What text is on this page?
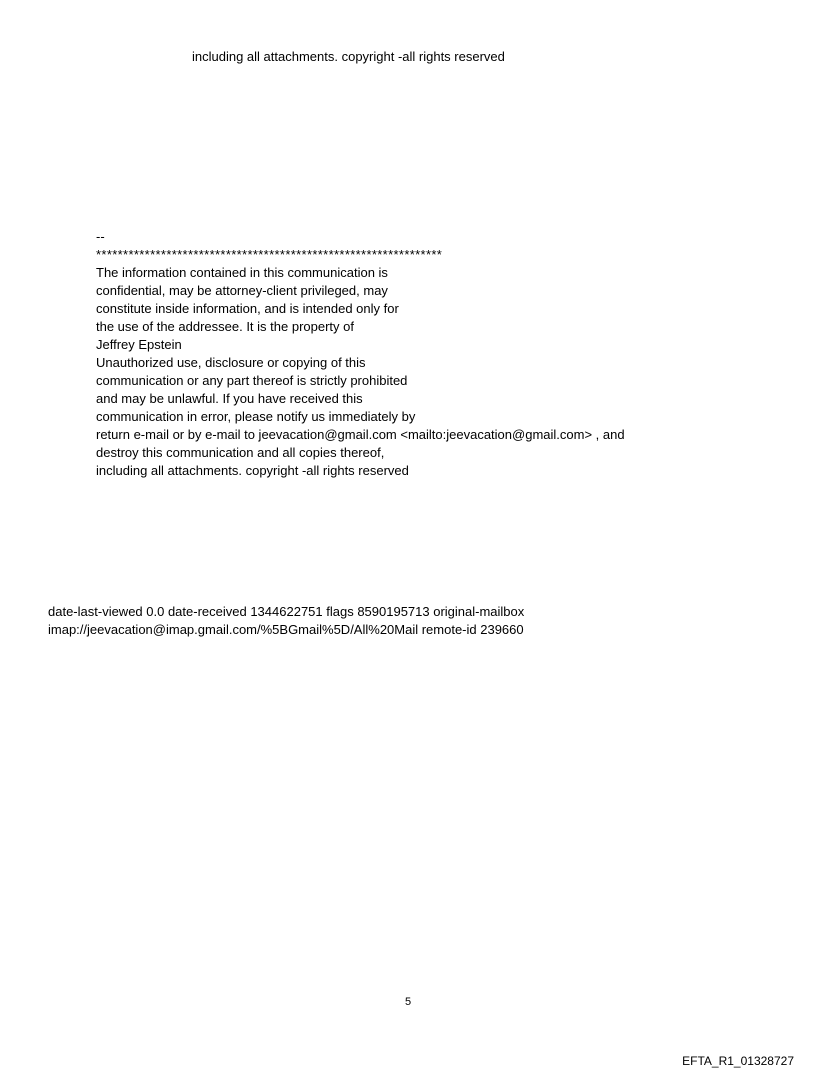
including all attachments. copyright -all rights reserved
--
****************************************************************
The information contained in this communication is
confidential, may be attorney-client privileged, may
constitute inside information, and is intended only for
the use of the addressee. It is the property of
Jeffrey Epstein
Unauthorized use, disclosure or copying of this
communication or any part thereof is strictly prohibited
and may be unlawful. If you have received this
communication in error, please notify us immediately by
return e-mail or by e-mail to jeevacation@gmail.com <mailto:jeevacation@gmail.com> , and
destroy this communication and all copies thereof,
including all attachments. copyright -all rights reserved
date-last-viewed 0.0 date-received 1344622751 flags 8590195713 original-mailbox
imap://jeevacation@imap.gmail.com/%5BGmail%5D/All%20Mail remote-id 239660
5
EFTA_R1_01328727
